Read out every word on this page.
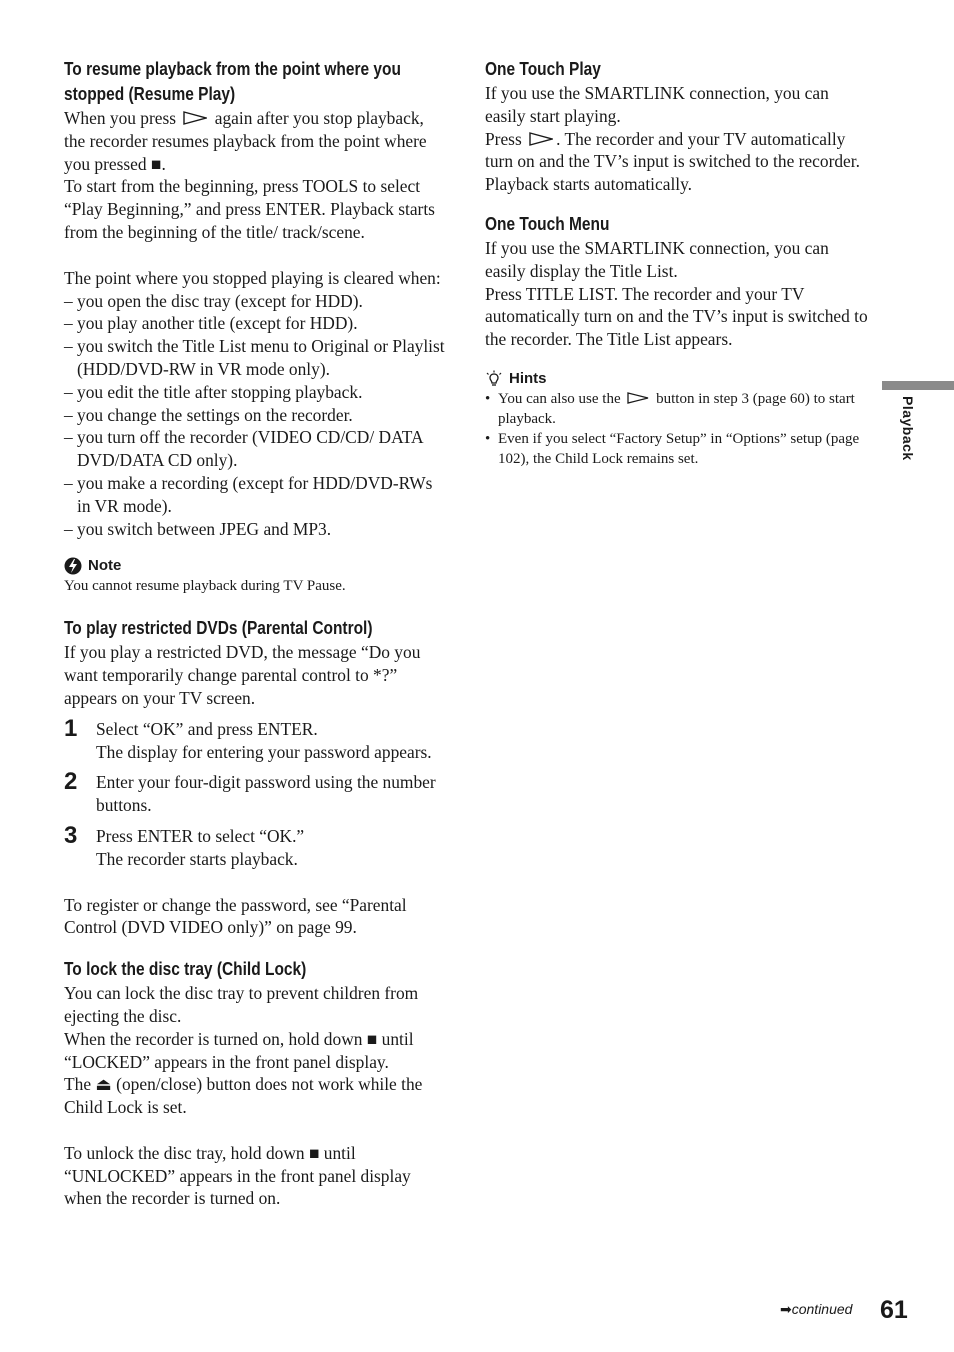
To resume playback from the point where you
stopped (Resume Play)

When you press again after you stop playback, the recorder resumes playback from the point where you pressed ■.

To start from the beginning, press TOOLS to select “Play Beginning,” and press ENTER. Playback starts from the beginning of the title/ track/scene.

The point where you stopped playing is cleared when:

– you open the disc tray (except for HDD).
– you play another title (except for HDD).
– you switch the Title List menu to Original or Playlist (HDD/DVD-RW in VR mode only).
– you edit the title after stopping playback.
– you change the settings on the recorder.
– you turn off the recorder (VIDEO CD/CD/ DATA DVD/DATA CD only).
– you make a recording (except for HDD/DVD-RWs in VR mode).
– you switch between JPEG and MP3.
Note

You cannot resume playback during TV Pause.

To play restricted DVDs (Parental Control)

If you play a restricted DVD, the message “Do you want temporarily change parental control to *?” appears on your TV screen.

1	Select “OK” and press ENTER.
The display for entering your password appears.
2	Enter your four-digit password using the number buttons.
3	Press ENTER to select “OK.”
The recorder starts playback.

To register or change the password, see “Parental Control (DVD VIDEO only)” on page 99.

To lock the disc tray (Child Lock)

You can lock the disc tray to prevent children from ejecting the disc.

When the recorder is turned on, hold down ■ until “LOCKED” appears in the front panel display.

The ⏏ (open/close) button does not work while the Child Lock is set.

To unlock the disc tray, hold down ■ until “UNLOCKED” appears in the front panel display when the recorder is turned on.

One Touch Play

If you use the SMARTLINK connection, you can easily start playing.

Press . The recorder and your TV automatically turn on and the TV’s input is switched to the recorder. Playback starts automatically.

One Touch Menu

If you use the SMARTLINK connection, you can easily display the Title List.

Press TITLE LIST. The recorder and your TV automatically turn on and the TV’s input is switched to the recorder. The Title List appears.

Hints
• You can also use the button in step 3 (page 60) to start playback.
• Even if you select “Factory Setup” in “Options” setup (page 102), the Child Lock remains set.	Playback
➡continued 61
